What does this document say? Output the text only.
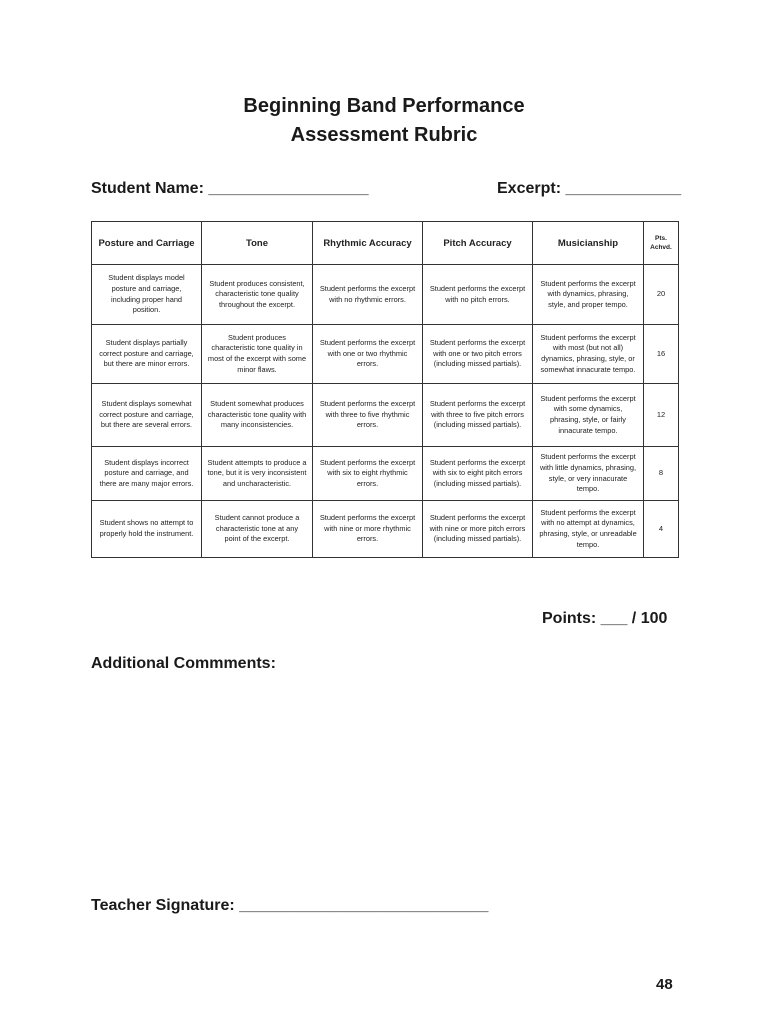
Beginning Band Performance
Assessment Rubric
Student Name: __________________	Excerpt: _____________
Posture and Carriage	Tone	Rhythmic Accuracy	Pitch Accuracy	Musicianship	Pts. Achvd.
Student displays model posture and carriage, including proper hand position.	Student produces consistent, characteristic tone quality throughout the excerpt.	Student performs the excerpt with no rhythmic errors.	Student performs the excerpt with no pitch errors.	Student performs the excerpt with dynamics, phrasing, style, and proper tempo.	20
Student displays partially correct posture and carriage, but there are minor errors.	Student produces characteristic tone quality in most of the excerpt with some minor flaws.	Student performs the excerpt with one or two rhythmic errors.	Student performs the excerpt with one or two pitch errors (including missed partials).	Student performs the excerpt with most (but not all) dynamics, phrasing, style, or somewhat innacurate tempo.	16
Student displays somewhat correct posture and carriage, but there are several errors.	Student somewhat produces characteristic tone quality with many inconsistencies.	Student performs the excerpt with three to five rhythmic errors.	Student performs the excerpt with three to five pitch errors (including missed partials).	Student performs the excerpt with some dynamics, phrasing, style, or fairly innacurate tempo.	12
Student displays incorrect posture and carriage, and there are many major errors.	Student attempts to produce a tone, but it is very inconsistent and uncharacteristic.	Student performs the excerpt with six to eight rhythmic errors.	Student performs the excerpt with six to eight pitch errors (including missed partials).	Student performs the excerpt with little dynamics, phrasing, style, or very innacurate tempo.	8
Student shows no attempt to properly hold the instrument.	Student cannot produce a characteristic tone at any point of the excerpt.	Student performs the excerpt with nine or more rhythmic errors.	Student performs the excerpt with nine or more pitch errors (including missed partials).	Student performs the excerpt with no attempt at dynamics, phrasing, style, or unreadable tempo.	4
Points: ___ / 100
Additional Commments:
Teacher Signature: ____________________________
48
